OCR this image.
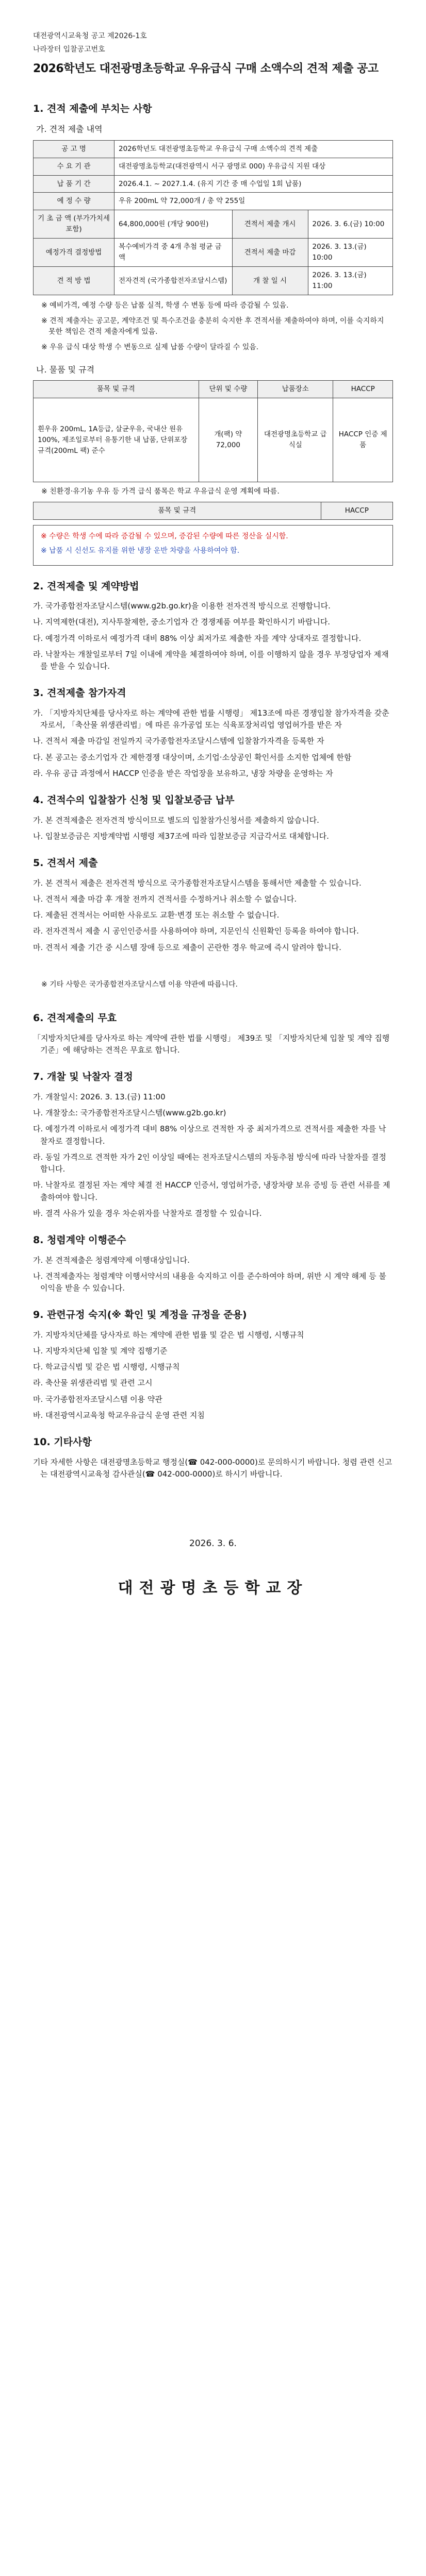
대전광역시교육청 공고 제2026-1호
나라장터 입찰공고번호
2026학년도 대전광명초등학교 우유급식 구매 소액수의 견적 제출 공고
1. 견적 제출에 부치는 사항
가. 견적 제출 내역
공 고 명	2026학년도 대전광명초등학교 우유급식 구매 소액수의 견적 제출		
수 요 기 관	대전광명초등학교(대전광역시 서구 광명로 000) 우유급식 지원 대상		
납 품 기 간	2026.4.1. ~ 2027.1.4. (유지 기간 중 매 수업일 1회 납품)		
예 정 수 량	우유 200mL 약 72,000개 / 총 약 255일		
기 초 금 액 (부가가치세 포함)	64,800,000원 (개당 900원)	견적서 제출 개시	2026. 3. 6.(금) 10:00
예정가격 결정방법	복수예비가격 중 4개 추첨 평균 금액	견적서 제출 마감	2026. 3. 13.(금) 10:00
견 적 방 법	전자견적 (국가종합전자조달시스템)	개 찰 일 시	2026. 3. 13.(금) 11:00

※ 예비가격, 예정 수량 등은 납품 실적, 학생 수 변동 등에 따라 증감될 수 있음.

※ 견적 제출자는 공고문, 계약조건 및 특수조건을 충분히 숙지한 후 견적서를 제출하여야 하며, 이를 숙지하지 못한 책임은 견적 제출자에게 있음.

※ 우유 급식 대상 학생 수 변동으로 실제 납품 수량이 달라질 수 있음.

나. 물품 및 규격
품목 및 규격	단위 및 수량	납품장소	HACCP
흰우유 200mL, 1A등급, 살균우유, 국내산 원유 100%, 제조일로부터 유통기한 내 납품, 단위포장 규격(200mL 팩) 준수	개(팩) 약 72,000	대전광명초등학교 급식실	HACCP 인증 제품

※ 친환경·유기농 우유 등 가격 급식 품목은 학교 우유급식 운영 계획에 따름.

품목 및 규격	HACCP

※ 수량은 학생 수에 따라 증감될 수 있으며, 증감된 수량에 따른 정산을 실시함.

※ 납품 시 신선도 유지를 위한 냉장 운반 차량을 사용하여야 함.

2. 견적제출 및 계약방법

가. 국가종합전자조달시스템(www.g2b.go.kr)을 이용한 전자견적 방식으로 진행합니다.

나. 지역제한(대전), 지사투찰제한, 중소기업자 간 경쟁제품 여부를 확인하시기 바랍니다.

다. 예정가격 이하로서 예정가격 대비 88% 이상 최저가로 제출한 자를 계약 상대자로 결정합니다.

라. 낙찰자는 개찰일로부터 7일 이내에 계약을 체결하여야 하며, 이를 이행하지 않을 경우 부정당업자 제재를 받을 수 있습니다.

3. 견적제출 참가자격

가. 「지방자치단체를 당사자로 하는 계약에 관한 법률 시행령」 제13조에 따른 경쟁입찰 참가자격을 갖춘 자로서, 「축산물 위생관리법」에 따른 유가공업 또는 식육포장처리업 영업허가를 받은 자

나. 견적서 제출 마감일 전일까지 국가종합전자조달시스템에 입찰참가자격을 등록한 자

다. 본 공고는 중소기업자 간 제한경쟁 대상이며, 소기업·소상공인 확인서를 소지한 업체에 한함

라. 우유 공급 과정에서 HACCP 인증을 받은 작업장을 보유하고, 냉장 차량을 운영하는 자

4. 견적수의 입찰참가 신청 및 입찰보증금 납부

가. 본 견적제출은 전자견적 방식이므로 별도의 입찰참가신청서를 제출하지 않습니다.

나. 입찰보증금은 지방계약법 시행령 제37조에 따라 입찰보증금 지급각서로 대체합니다.

5. 견적서 제출

가. 본 견적서 제출은 전자견적 방식으로 국가종합전자조달시스템을 통해서만 제출할 수 있습니다.

나. 견적서 제출 마감 후 개찰 전까지 견적서를 수정하거나 취소할 수 없습니다.

다. 제출된 견적서는 어떠한 사유로도 교환·변경 또는 취소할 수 없습니다.

라. 전자견적서 제출 시 공인인증서를 사용하여야 하며, 지문인식 신원확인 등록을 하여야 합니다.

마. 견적서 제출 기간 중 시스템 장애 등으로 제출이 곤란한 경우 학교에 즉시 알려야 합니다.

※ 기타 사항은 국가종합전자조달시스템 이용 약관에 따릅니다.

6. 견적제출의 무효

「지방자치단체를 당사자로 하는 계약에 관한 법률 시행령」 제39조 및 「지방자치단체 입찰 및 계약 집행기준」에 해당하는 견적은 무효로 합니다.

7. 개찰 및 낙찰자 결정

가. 개찰일시: 2026. 3. 13.(금) 11:00

나. 개찰장소: 국가종합전자조달시스템(www.g2b.go.kr)

다. 예정가격 이하로서 예정가격 대비 88% 이상으로 견적한 자 중 최저가격으로 견적서를 제출한 자를 낙찰자로 결정합니다.

라. 동일 가격으로 견적한 자가 2인 이상일 때에는 전자조달시스템의 자동추첨 방식에 따라 낙찰자를 결정합니다.

마. 낙찰자로 결정된 자는 계약 체결 전 HACCP 인증서, 영업허가증, 냉장차량 보유 증빙 등 관련 서류를 제출하여야 합니다.

바. 결격 사유가 있을 경우 차순위자를 낙찰자로 결정할 수 있습니다.

8. 청렴계약 이행준수

가. 본 견적제출은 청렴계약제 이행대상입니다.

나. 견적제출자는 청렴계약 이행서약서의 내용을 숙지하고 이를 준수하여야 하며, 위반 시 계약 해제 등 불이익을 받을 수 있습니다.

9. 관련규정 숙지(※ 확인 및 계정을 규정을 준용)

가. 지방자치단체를 당사자로 하는 계약에 관한 법률 및 같은 법 시행령, 시행규칙

나. 지방자치단체 입찰 및 계약 집행기준

다. 학교급식법 및 같은 법 시행령, 시행규칙

라. 축산물 위생관리법 및 관련 고시

마. 국가종합전자조달시스템 이용 약관

바. 대전광역시교육청 학교우유급식 운영 관련 지침

10. 기타사항

기타 자세한 사항은 대전광명초등학교 행정실(☎ 042-000-0000)로 문의하시기 바랍니다. 청렴 관련 신고는 대전광역시교육청 감사관실(☎ 042-000-0000)로 하시기 바랍니다.

2026. 3. 6.
대전광명초등학교장
